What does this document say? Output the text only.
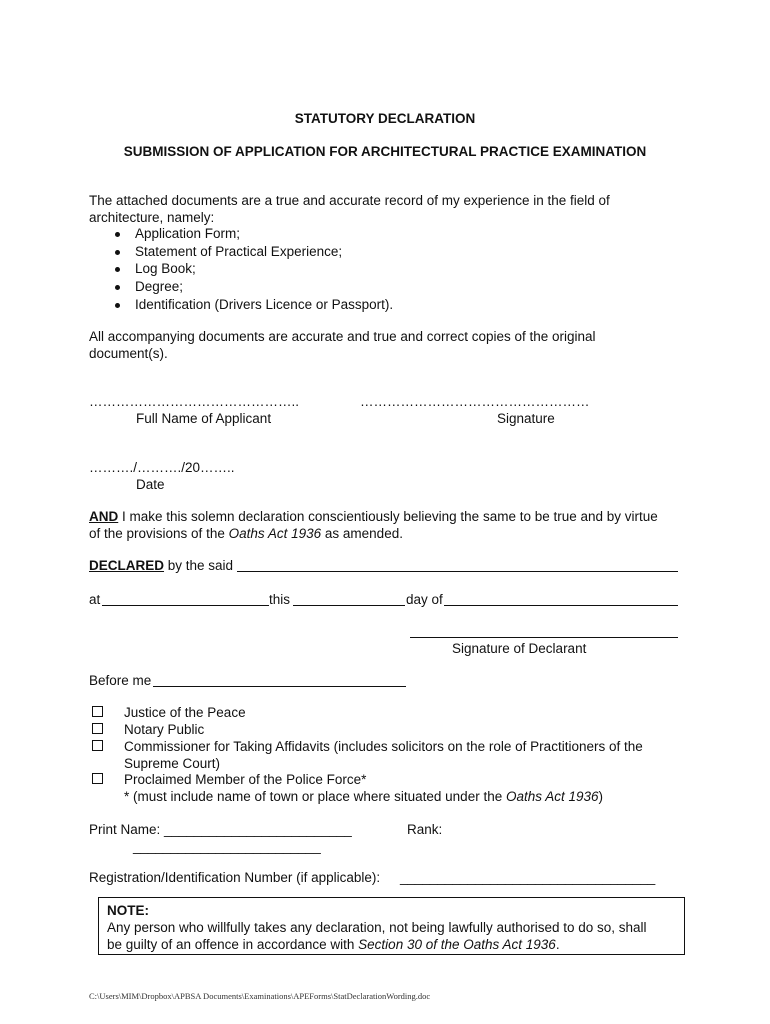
STATUTORY DECLARATION
SUBMISSION OF APPLICATION FOR ARCHITECTURAL PRACTICE EXAMINATION
The attached documents are a true and accurate record of my experience in the field of
architecture, namely:
Application Form;
Statement of Practical Experience;
Log Book;
Degree;
Identification (Drivers Licence or Passport).
All accompanying documents are accurate and true and correct copies of the original
document(s).
………………………………………..	……………………………………………
Full Name of Applicant	Signature
………./………./20……..
Date
AND I make this solemn declaration conscientiously believing the same to be true and by virtue
of the provisions of the Oaths Act 1936 as amended.
DECLARED by the said
at	this	day of
Signature of Declarant
Before me
Justice of the Peace
Notary Public
Commissioner for Taking Affidavits (includes solicitors on the role of Practitioners of the
Supreme Court)
Proclaimed Member of the Police Force*
* (must include name of town or place where situated under the Oaths Act 1936)
Print Name: _________________________	Rank:
_________________________
Registration/Identification Number (if applicable): __________________________________
NOTE:
Any person who willfully takes any declaration, not being lawfully authorised to do so, shall
be guilty of an offence in accordance with Section 30 of the Oaths Act 1936.
C:\Users\MIM\Dropbox\APBSA Documents\Examinations\APEForms\StatDeclarationWording.doc
